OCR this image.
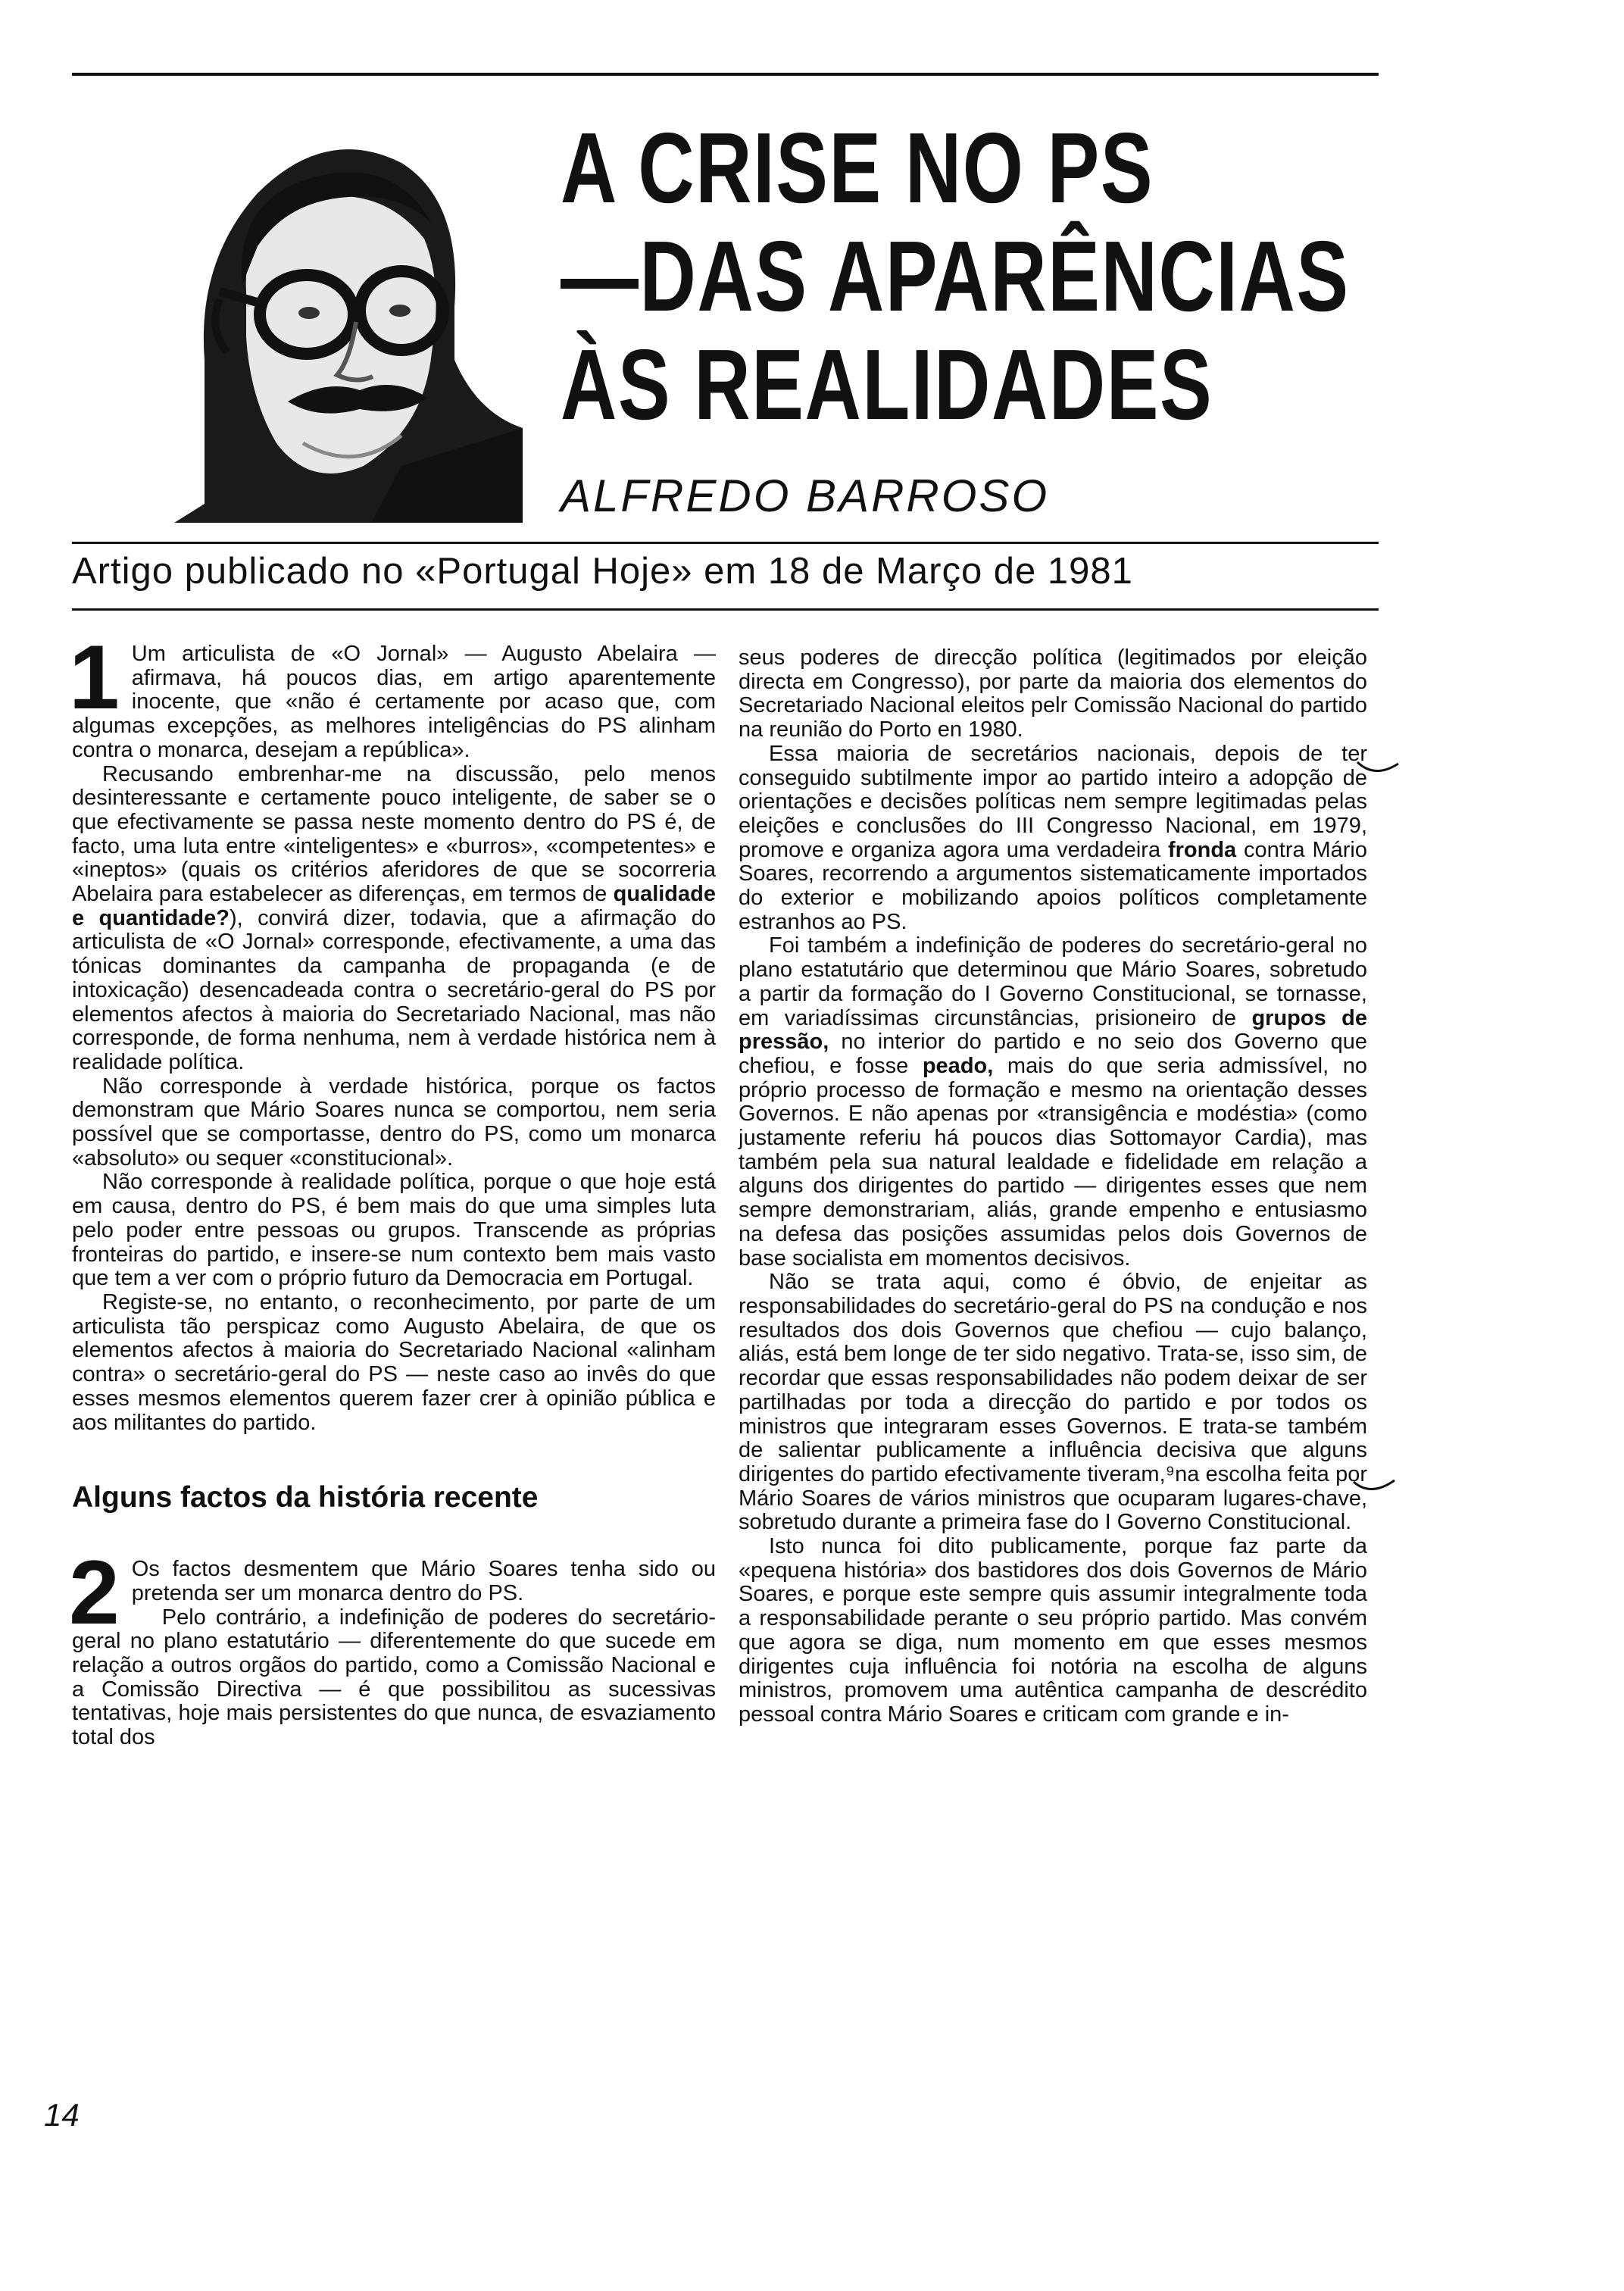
A CRISE NO PS
—DAS APARÊNCIAS
ÀS REALIDADES
ALFREDO BARROSO
Artigo publicado no «Portugal Hoje» em 18 de Março de 1981

1 Um articulista de «O Jornal» — Augusto Abelaira — afirmava, há poucos dias, em artigo aparentemente inocente, que «não é certamente por acaso que, com algumas excepções, as melhores inteligências do PS alinham contra o monarca, desejam a república».

Recusando embrenhar-me na discussão, pelo menos desinteressante e certamente pouco inteligente, de saber se o que efectivamente se passa neste momento dentro do PS é, de facto, uma luta entre «inteligentes» e «burros», «competentes» e «ineptos» (quais os critérios aferidores de que se socorreria Abelaira para estabelecer as diferenças, em termos de qualidade e quantidade?), convirá dizer, todavia, que a afirmação do articulista de «O Jornal» corresponde, efectivamente, a uma das tónicas dominantes da campanha de propaganda (e de intoxicação) desencadeada contra o secretário-geral do PS por elementos afectos à maioria do Secretariado Nacional, mas não corresponde, de forma nenhuma, nem à verdade histórica nem à realidade política.

Não corresponde à verdade histórica, porque os factos demonstram que Mário Soares nunca se comportou, nem seria possível que se comportasse, dentro do PS, como um monarca «absoluto» ou sequer «constitucional».

Não corresponde à realidade política, porque o que hoje está em causa, dentro do PS, é bem mais do que uma simples luta pelo poder entre pessoas ou grupos. Transcende as próprias fronteiras do partido, e insere-se num contexto bem mais vasto que tem a ver com o próprio futuro da Democracia em Portugal.

Registe-se, no entanto, o reconhecimento, por parte de um articulista tão perspicaz como Augusto Abelaira, de que os elementos afectos à maioria do Secretariado Nacional «alinham contra» o secretário-geral do PS — neste caso ao invês do que esses mesmos elementos querem fazer crer à opinião pública e aos militantes do partido.

Alguns factos da história recente

2 Os factos desmentem que Mário Soares tenha sido ou pretenda ser um monarca dentro do PS.

Pelo contrário, a indefinição de poderes do secretário-geral no plano estatutário — diferentemente do que sucede em relação a outros orgãos do partido, como a Comissão Nacional e a Comissão Directiva — é que possibilitou as sucessivas tentativas, hoje mais persistentes do que nunca, de esvaziamento total dos

seus poderes de direcção política (legitimados por eleição directa em Congresso), por parte da maioria dos elementos do Secretariado Nacional eleitos pelr Comissão Nacional do partido na reunião do Porto en 1980.

Essa maioria de secretários nacionais, depois de ter conseguido subtilmente impor ao partido inteiro a adopção de orientações e decisões políticas nem sempre legitimadas pelas eleições e conclusões do III Congresso Nacional, em 1979, promove e organiza agora uma verdadeira fronda contra Mário Soares, recorrendo a argumentos sistematicamente importados do exterior e mobilizando apoios políticos completamente estranhos ao PS.

Foi também a indefinição de poderes do secretário-geral no plano estatutário que determinou que Mário Soares, sobretudo a partir da formação do I Governo Constitucional, se tornasse, em variadíssimas circunstâncias, prisioneiro de grupos de pressão, no interior do partido e no seio dos Governo que chefiou, e fosse peado, mais do que seria admissível, no próprio processo de formação e mesmo na orientação desses Governos. E não apenas por «transigência e modéstia» (como justamente referiu há poucos dias Sottomayor Cardia), mas também pela sua natural lealdade e fidelidade em relação a alguns dos dirigentes do partido — dirigentes esses que nem sempre demonstrariam, aliás, grande empenho e entusiasmo na defesa das posições assumidas pelos dois Governos de base socialista em momentos decisivos.

Não se trata aqui, como é óbvio, de enjeitar as responsabilidades do secretário-geral do PS na condução e nos resultados dos dois Governos que chefiou — cujo balanço, aliás, está bem longe de ter sido negativo. Trata-se, isso sim, de recordar que essas responsabilidades não podem deixar de ser partilhadas por toda a direcção do partido e por todos os ministros que integraram esses Governos. E trata-se também de salientar publicamente a influência decisiva que alguns dirigentes do partido efectivamente tiveram,⁹na escolha feita por Mário Soares de vários ministros que ocuparam lugares-chave, sobretudo durante a primeira fase do I Governo Constitucional.

Isto nunca foi dito publicamente, porque faz parte da «pequena história» dos bastidores dos dois Governos de Mário Soares, e porque este sempre quis assumir integralmente toda a responsabilidade perante o seu próprio partido. Mas convém que agora se diga, num momento em que esses mesmos dirigentes cuja influência foi notória na escolha de alguns ministros, promovem uma autêntica campanha de descrédito pessoal contra Mário Soares e criticam com grande e in-

14
